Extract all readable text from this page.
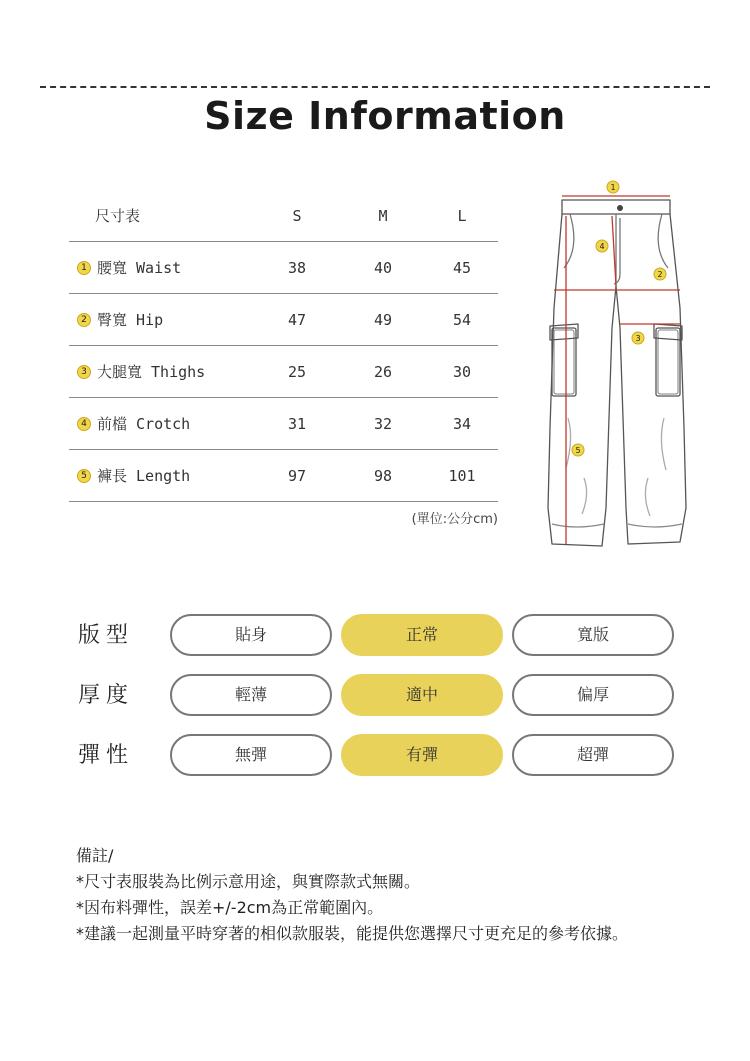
Size Information
尺寸表	S	M	L
1 腰寬 Waist	38	40	45
2 臀寬 Hip	47	49	54
3 大腿寬 Thighs	25	26	30
4 前檔 Crotch	31	32	34
5 褲長 Length	97	98	101
(單位:公分cm)
1
2
3
4
5
版型	貼身	正常	寬版
厚度	輕薄	適中	偏厚
彈性	無彈	有彈	超彈
備註/
*尺寸表服裝為比例示意用途，與實際款式無關。
*因布料彈性，誤差+/-2cm為正常範圍內。
*建議一起測量平時穿著的相似款服裝，能提供您選擇尺寸更充足的參考依據。
